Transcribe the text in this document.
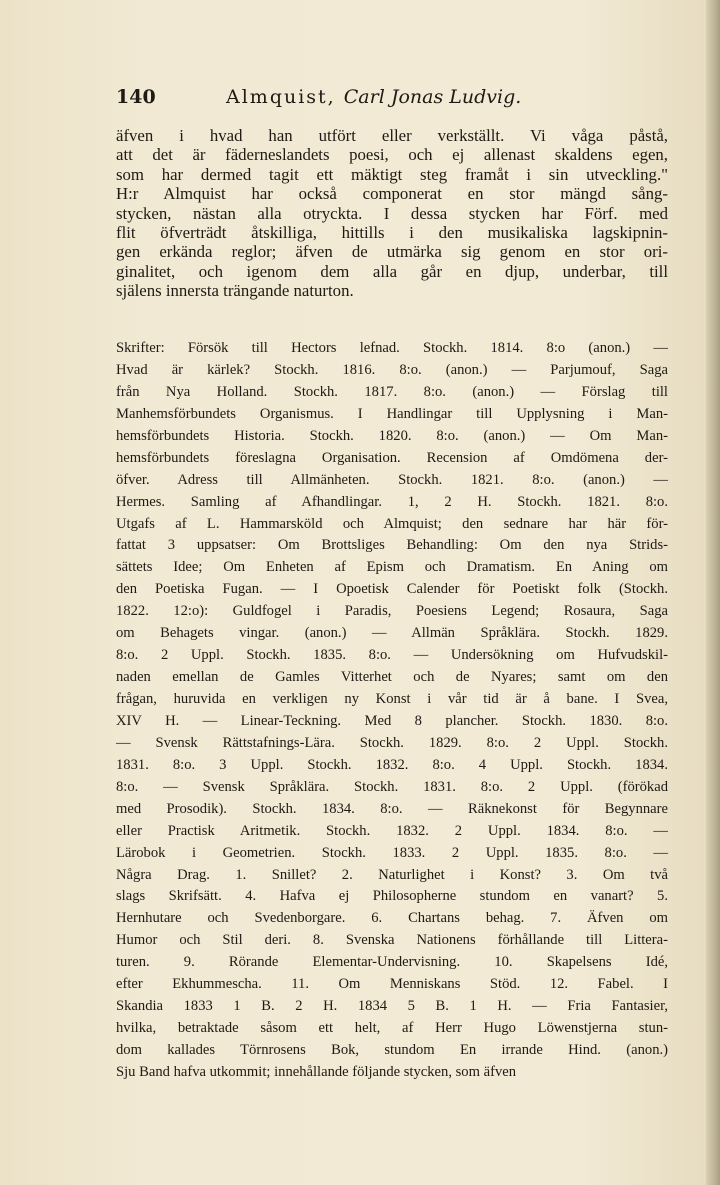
140	Almquist, Carl Jonas Ludvig.
äfven i hvad han utfört eller verkställt. Vi våga påstå,
att det är fäderneslandets poesi, och ej allenast skaldens egen,
som har dermed tagit ett mäktigt steg framåt i sin utveckling."
H:r Almquist har också componerat en stor mängd sång-
stycken, nästan alla otryckta. I dessa stycken har Förf. med
flit öfverträdt åtskilliga, hittills i den musikaliska lagskipnin-
gen erkända reglor; äfven de utmärka sig genom en stor ori-
ginalitet, och igenom dem alla går en djup, underbar, till
själens innersta trängande naturton.
Skrifter: Försök till Hectors lefnad. Stockh. 1814. 8:o (anon.) —
Hvad är kärlek? Stockh. 1816. 8:o. (anon.) — Parjumouf, Saga
från Nya Holland. Stockh. 1817. 8:o. (anon.) — Förslag till
Manhemsförbundets Organismus. I Handlingar till Upplysning i Man-
hemsförbundets Historia. Stockh. 1820. 8:o. (anon.) — Om Man-
hemsförbundets föreslagna Organisation. Recension af Omdömena der-
öfver. Adress till Allmänheten. Stockh. 1821. 8:o. (anon.) —
Hermes. Samling af Afhandlingar. 1, 2 H. Stockh. 1821. 8:o.
Utgafs af L. Hammarsköld och Almquist; den sednare har här för-
fattat 3 uppsatser: Om Brottsliges Behandling: Om den nya Strids-
sättets Idee; Om Enheten af Epism och Dramatism. En Aning om
den Poetiska Fugan. — I Opoetisk Calender för Poetiskt folk (Stockh.
1822. 12:o): Guldfogel i Paradis, Poesiens Legend; Rosaura, Saga
om Behagets vingar. (anon.) — Allmän Språklära. Stockh. 1829.
8:o. 2 Uppl. Stockh. 1835. 8:o. — Undersökning om Hufvudskil-
naden emellan de Gamles Vitterhet och de Nyares; samt om den
frågan, huruvida en verkligen ny Konst i vår tid är å bane. I Svea,
XIV H. — Linear-Teckning. Med 8 plancher. Stockh. 1830. 8:o.
— Svensk Rättstafnings-Lära. Stockh. 1829. 8:o. 2 Uppl. Stockh.
1831. 8:o. 3 Uppl. Stockh. 1832. 8:o. 4 Uppl. Stockh. 1834.
8:o. — Svensk Språklära. Stockh. 1831. 8:o. 2 Uppl. (förökad
med Prosodik). Stockh. 1834. 8:o. — Räknekonst för Begynnare
eller Practisk Aritmetik. Stockh. 1832. 2 Uppl. 1834. 8:o. —
Lärobok i Geometrien. Stockh. 1833. 2 Uppl. 1835. 8:o. —
Några Drag. 1. Snillet? 2. Naturlighet i Konst? 3. Om två
slags Skrifsätt. 4. Hafva ej Philosopherne stundom en vanart? 5.
Hernhutare och Svedenborgare. 6. Chartans behag. 7. Äfven om
Humor och Stil deri. 8. Svenska Nationens förhållande till Littera-
turen. 9. Rörande Elementar-Undervisning. 10. Skapelsens Idé,
efter Ekhummescha. 11. Om Menniskans Stöd. 12. Fabel. I
Skandia 1833 1 B. 2 H. 1834 5 B. 1 H. — Fria Fantasier,
hvilka, betraktade såsom ett helt, af Herr Hugo Löwenstjerna stun-
dom kallades Törnrosens Bok, stundom En irrande Hind. (anon.)
Sju Band hafva utkommit; innehållande följande stycken, som äfven
